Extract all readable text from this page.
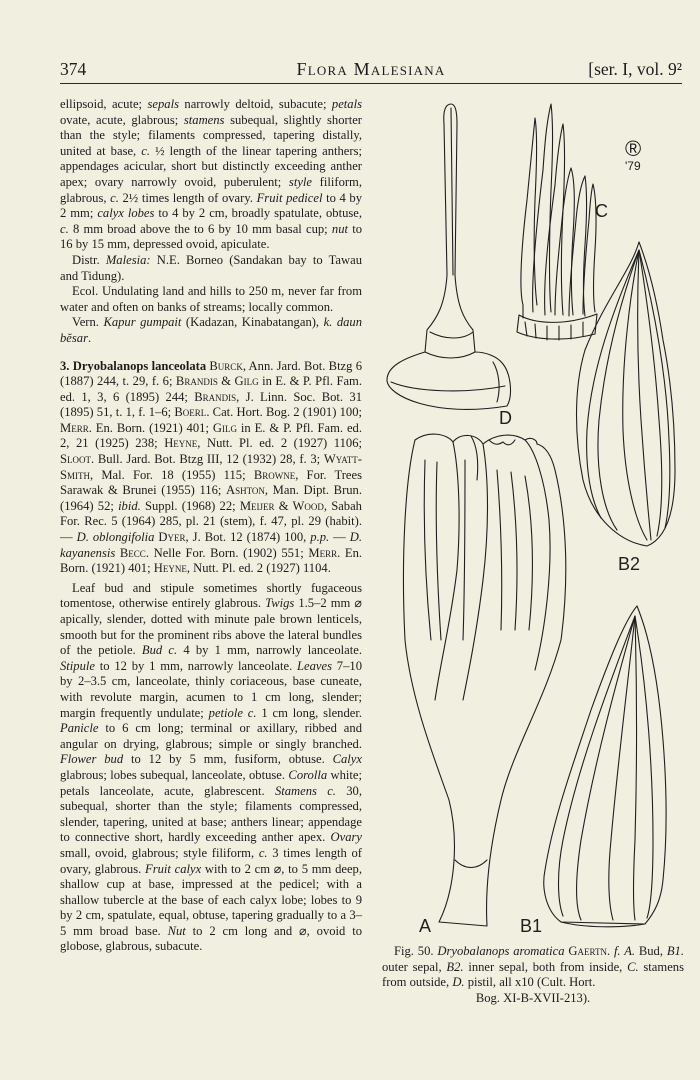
374	Flora Malesiana	[ser. I, vol. 9²

ellipsoid, acute; sepals narrowly deltoid, subacute; petals ovate, acute, glabrous; stamens subequal, slightly shorter than the style; filaments compressed, tapering distally, united at base, c. ½ length of the linear tapering anthers; appendages acicular, short but distinctly exceeding anther apex; ovary narrowly ovoid, puberulent; style filiform, glabrous, c. 2½ times length of ovary. Fruit pedicel to 4 by 2 mm; calyx lobes to 4 by 2 cm, broadly spatulate, obtuse, c. 8 mm broad above the to 6 by 10 mm basal cup; nut to 16 by 15 mm, depressed ovoid, apiculate.

Distr. Malesia: N.E. Borneo (Sandakan bay to Tawau and Tidung).

Ecol. Undulating land and hills to 250 m, never far from water and often on banks of streams; locally common.

Vern. Kapur gumpait (Kadazan, Kinabatangan), k. daun bĕsar.

3. Dryobalanops lanceolata Burck, Ann. Jard. Bot. Btzg 6 (1887) 244, t. 29, f. 6; Brandis & Gilg in E. & P. Pfl. Fam. ed. 1, 3, 6 (1895) 244; Brandis, J. Linn. Soc. Bot. 31 (1895) 51, t. 1, f. 1–6; Boerl. Cat. Hort. Bog. 2 (1901) 100; Merr. En. Born. (1921) 401; Gilg in E. & P. Pfl. Fam. ed. 2, 21 (1925) 238; Heyne, Nutt. Pl. ed. 2 (1927) 1106; Sloot. Bull. Jard. Bot. Btzg III, 12 (1932) 28, f. 3; Wyatt-Smith, Mal. For. 18 (1955) 115; Browne, For. Trees Sarawak & Brunei (1955) 116; Ashton, Man. Dipt. Brun. (1964) 52; ibid. Suppl. (1968) 22; Meijer & Wood, Sabah For. Rec. 5 (1964) 285, pl. 21 (stem), f. 47, pl. 29 (habit). — D. oblongifolia Dyer, J. Bot. 12 (1874) 100, p.p. — D. kayanensis Becc. Nelle For. Born. (1902) 551; Merr. En. Born. (1921) 401; Heyne, Nutt. Pl. ed. 2 (1927) 1104.

Leaf bud and stipule sometimes shortly fugaceous tomentose, otherwise entirely glabrous. Twigs 1.5–2 mm ⌀ apically, slender, dotted with minute pale brown lenticels, smooth but for the prominent ribs above the lateral bundles of the petiole. Bud c. 4 by 1 mm, narrowly lanceolate. Stipule to 12 by 1 mm, narrowly lanceolate. Leaves 7–10 by 2–3.5 cm, lanceolate, thinly coriaceous, base cuneate, with revolute margin, acumen to 1 cm long, slender; margin frequently undulate; petiole c. 1 cm long, slender. Panicle to 6 cm long; terminal or axillary, ribbed and angular on drying, glabrous; simple or singly branched. Flower bud to 12 by 5 mm, fusiform, obtuse. Calyx glabrous; lobes subequal, lanceolate, obtuse. Corolla white; petals lanceolate, acute, glabrescent. Stamens c. 30, subequal, shorter than the style; filaments compressed, slender, tapering, united at base; anthers linear; appendage to connective short, hardly exceeding anther apex. Ovary small, ovoid, glabrous; style filiform, c. 3 times length of ovary, glabrous. Fruit calyx with to 2 cm ⌀, to 5 mm deep, shallow cup at base, impressed at the pedicel; with a shallow tubercle at the base of each calyx lobe; lobes to 9 by 2 cm, spatulate, equal, obtuse, tapering gradually to a 3–5 mm broad base. Nut to 2 cm long and ⌀, ovoid to globose, glabrous, subacute.

C
D
B2
A	B1
®
'79

Fig. 50. Dryobalanops aromatica Gaertn. f. A. Bud, B1. outer sepal, B2. inner sepal, both from inside, C. stamens from outside, D. pistil, all x10 (Cult. Hort.

Bog. XI-B-XVII-213).
